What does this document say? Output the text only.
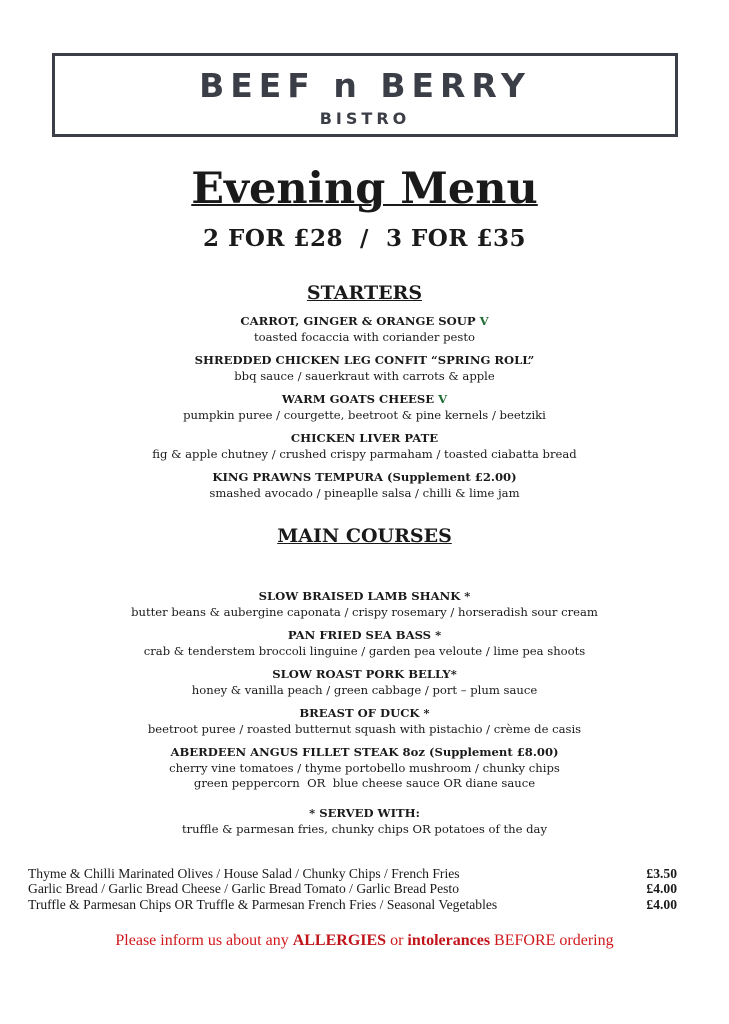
BEEF n BERRY
BISTRO
Evening Menu
2 FOR £28  /  3 FOR £35
STARTERS
CARROT, GINGER & ORANGE SOUP V
toasted focaccia with coriander pesto
SHREDDED CHICKEN LEG CONFIT “SPRING ROLL”
bbq sauce / sauerkraut with carrots & apple
WARM GOATS CHEESE V
pumpkin puree / courgette, beetroot & pine kernels / beetziki
CHICKEN LIVER PATE
fig & apple chutney / crushed crispy parmaham / toasted ciabatta bread
KING PRAWNS TEMPURA (Supplement £2.00)
smashed avocado / pineaplle salsa / chilli & lime jam
MAIN COURSES
SLOW BRAISED LAMB SHANK *
butter beans & aubergine caponata / crispy rosemary / horseradish sour cream
PAN FRIED SEA BASS *
crab & tenderstem broccoli linguine / garden pea veloute / lime pea shoots
SLOW ROAST PORK BELLY*
honey & vanilla peach / green cabbage / port – plum sauce
BREAST OF DUCK *
beetroot puree / roasted butternut squash with pistachio / crème de casis
ABERDEEN ANGUS FILLET STEAK 8oz (Supplement £8.00)
cherry vine tomatoes / thyme portobello mushroom / chunky chips
green peppercorn  OR  blue cheese sauce OR diane sauce
* SERVED WITH:
truffle & parmesan fries, chunky chips OR potatoes of the day
Thyme & Chilli Marinated Olives / House Salad / Chunky Chips / French Fries	£3.50
Garlic Bread / Garlic Bread Cheese / Garlic Bread Tomato / Garlic Bread Pesto	£4.00
Truffle & Parmesan Chips OR Truffle & Parmesan French Fries / Seasonal Vegetables	£4.00
Please inform us about any ALLERGIES or intolerances BEFORE ordering
